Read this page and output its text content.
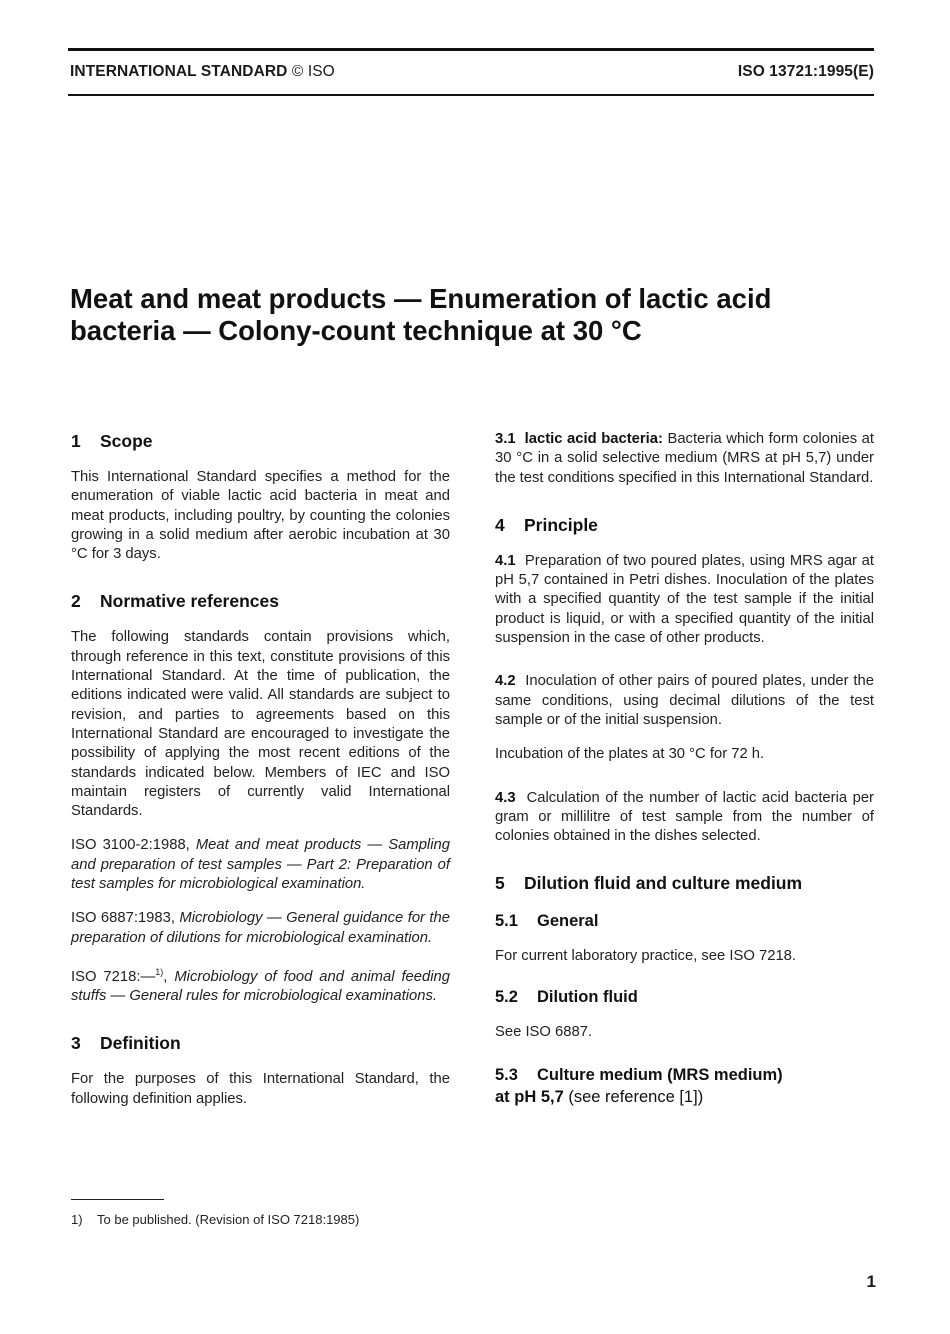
INTERNATIONAL STANDARD © ISO	ISO 13721:1995(E)
Meat and meat products — Enumeration of lactic acid bacteria — Colony-count technique at 30 °C
1 Scope

This International Standard specifies a method for the enumeration of viable lactic acid bacteria in meat and meat products, including poultry, by counting the colonies growing in a solid medium after aerobic incubation at 30 °C for 3 days.

2 Normative references

The following standards contain provisions which, through reference in this text, constitute provisions of this International Standard. At the time of publication, the editions indicated were valid. All standards are subject to revision, and parties to agreements based on this International Standard are encouraged to investigate the possibility of applying the most recent editions of the standards indicated below. Members of IEC and ISO maintain registers of currently valid International Standards.

ISO 3100-2:1988, Meat and meat products — Sampling and preparation of test samples — Part 2: Preparation of test samples for microbiological examination.

ISO 6887:1983, Microbiology — General guidance for the preparation of dilutions for microbiological examination.

ISO 7218:—$^{1)}$, Microbiology of food and animal feeding stuffs — General rules for microbiological examinations.

3 Definition

For the purposes of this International Standard, the following definition applies.

3.1 lactic acid bacteria: Bacteria which form colonies at 30 °C in a solid selective medium (MRS at pH 5,7) under the test conditions specified in this International Standard.

4 Principle

4.1 Preparation of two poured plates, using MRS agar at pH 5,7 contained in Petri dishes. Inoculation of the plates with a specified quantity of the test sample if the initial product is liquid, or with a specified quantity of the initial suspension in the case of other products.

4.2 Inoculation of other pairs of poured plates, under the same conditions, using decimal dilutions of the test sample or of the initial suspension.

Incubation of the plates at 30 °C for 72 h.

4.3 Calculation of the number of lactic acid bacteria per gram or millilitre of test sample from the number of colonies obtained in the dishes selected.

5 Dilution fluid and culture medium
5.1 General

For current laboratory practice, see ISO 7218.

5.2 Dilution fluid

See ISO 6887.

5.3 Culture medium (MRS medium)
at pH 5,7 (see reference [1])
1) To be published. (Revision of ISO 7218:1985)
1
